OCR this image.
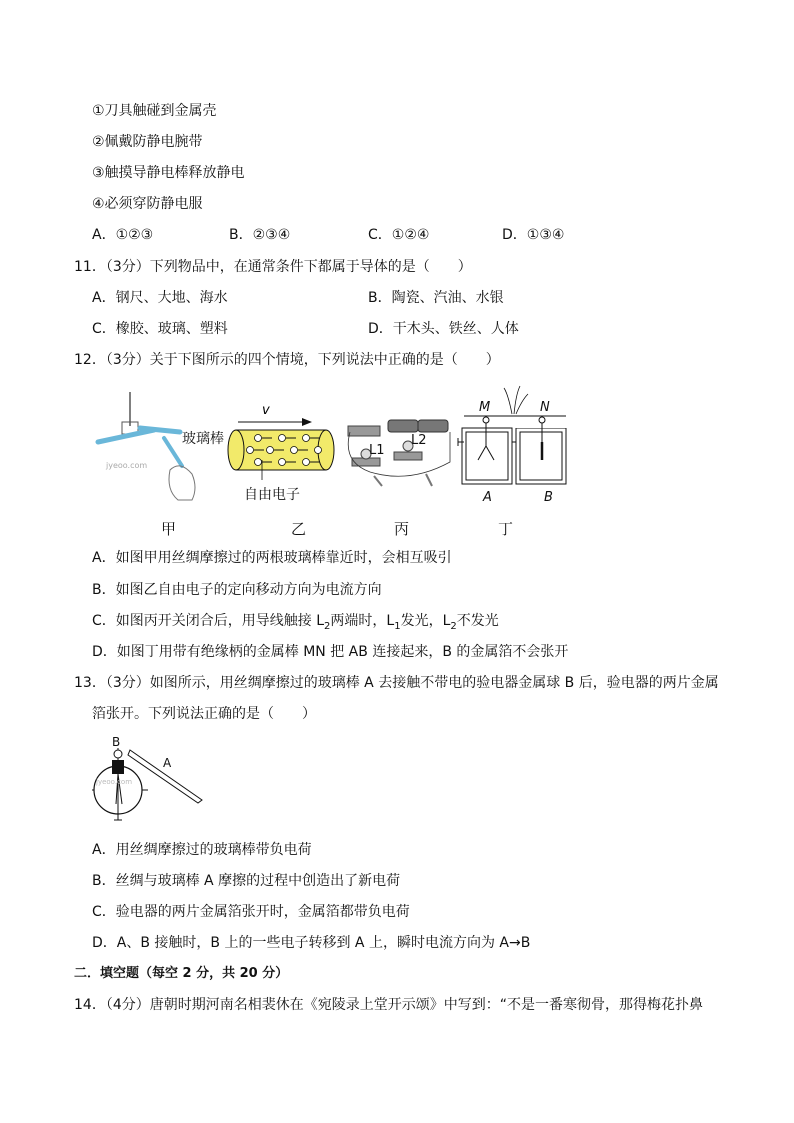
①刀具触碰到金属壳
②佩戴防静电腕带
③触摸导静电棒释放静电
④必须穿防静电服
A．①②③	B．②③④	C．①②④	D．①③④
11．（3分）下列物品中，在通常条件下都属于导体的是（　　）
A．钢尺、大地、海水	B．陶瓷、汽油、水银
C．橡胶、玻璃、塑料	D．干木头、铁丝、人体
12．（3分）关于下图所示的四个情境，下列说法中正确的是（　　）
jyeoo.com
玻璃棒
v
自由电子
L1
L2
M	N
A	B
甲	乙	丙	丁
A．如图甲用丝绸摩擦过的两根玻璃棒靠近时，会相互吸引
B．如图乙自由电子的定向移动方向为电流方向
C．如图丙开关闭合后，用导线触接 $L_2$两端时，$L_1$发光，$L_2$不发光
D．如图丁用带有绝缘柄的金属棒 MN 把 AB 连接起来，B 的金属箔不会张开
13．（3分）如图所示，用丝绸摩擦过的玻璃棒 A 去接触不带电的验电器金属球 B 后，验电器的两片金属
箔张开。下列说法正确的是（　　）
jyeoo.com
B
A
A．用丝绸摩擦过的玻璃棒带负电荷
B．丝绸与玻璃棒 A 摩擦的过程中创造出了新电荷
C．验电器的两片金属箔张开时，金属箔都带负电荷
D．A、B 接触时，B 上的一些电子转移到 A 上，瞬时电流方向为 A→B
二．填空题（每空 2 分，共 20 分）
14．（4分）唐朝时期河南名相裴休在《宛陵录上堂开示颂》中写到：“不是一番寒彻骨，那得梅花扑鼻
